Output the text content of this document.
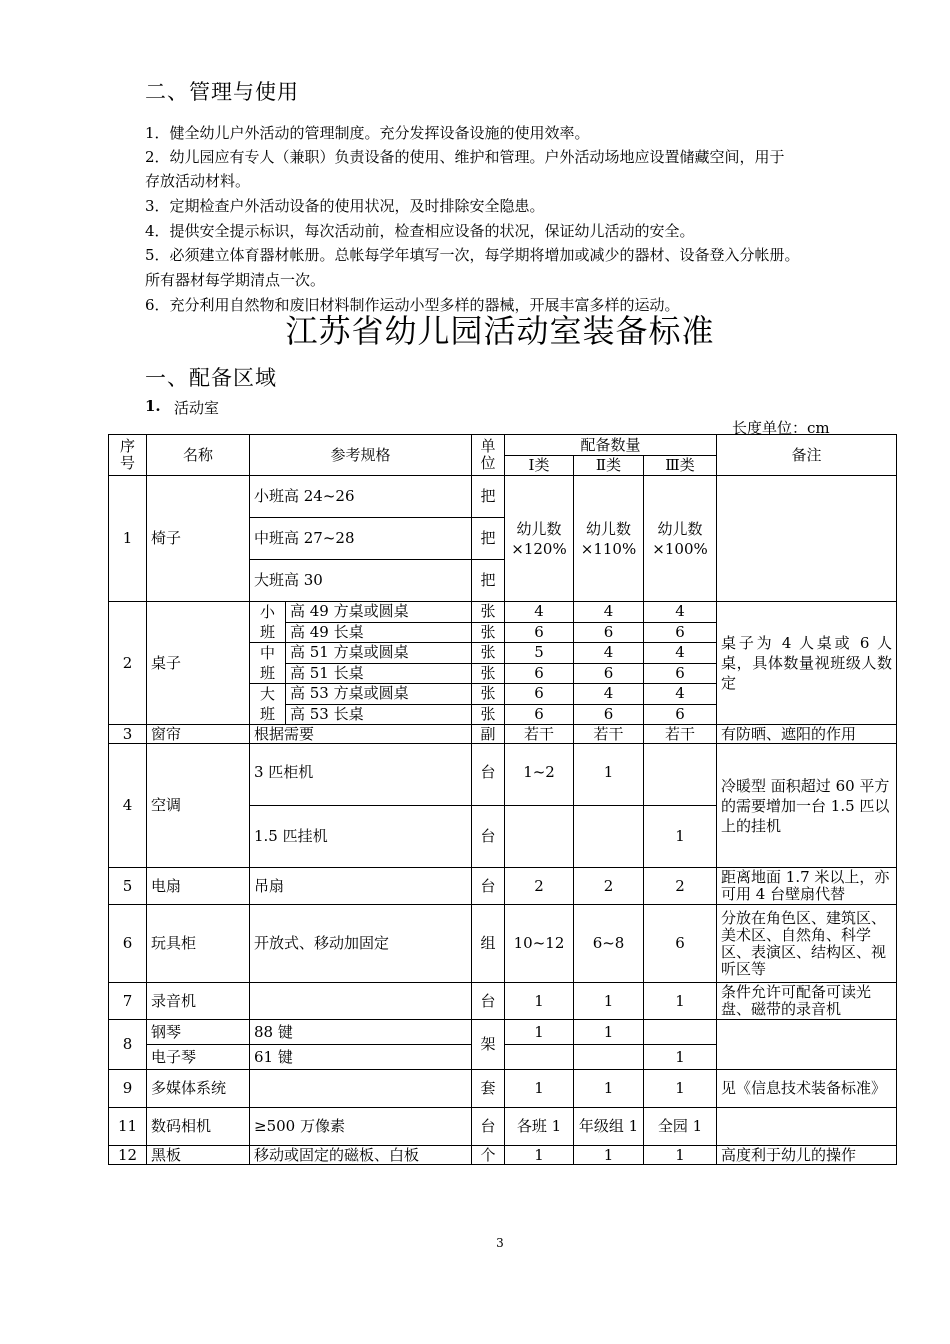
二、管理与使用
1．健全幼儿户外活动的管理制度。充分发挥设备设施的使用效率。
2．幼儿园应有专人（兼职）负责设备的使用、维护和管理。户外活动场地应设置储藏空间，用于
存放活动材料。
3．定期检查户外活动设备的使用状况，及时排除安全隐患。
4．提供安全提示标识，每次活动前，检查相应设备的状况，保证幼儿活动的安全。
5．必须建立体育器材帐册。总帐每学年填写一次，每学期将增加或减少的器材、设备登入分帐册。
所有器材每学期清点一次。
6．充分利用自然物和废旧材料制作运动小型多样的器械，开展丰富多样的运动。
江苏省幼儿园活动室装备标准
一、配备区域
1. 活动室
长度单位：cm
序号	名称	参考规格		单位	配备数量			备注
					Ⅰ类	Ⅱ类	Ⅲ类	
1	椅子	小班高 24~26		把	幼儿数×120%	幼儿数×110%	幼儿数×100%	
		中班高 27~28		把				
		大班高 30		把				
2	桌子	小班	高 49 方桌或圆桌	张	4	4	4	桌子为 4 人桌或 6 人桌，具体数量视班级人数定
			高 49 长桌	张	6	6	6	
		中班	高 51 方桌或圆桌	张	5	4	4	
			高 51 长桌	张	6	6	6	
		大班	高 53 方桌或圆桌	张	6	4	4	
			高 53 长桌	张	6	6	6	
3	窗帘	根据需要		副	若干	若干	若干	有防晒、遮阳的作用
4	空调	3 匹柜机		台	1~2	1		冷暖型 面积超过 60 平方的需要增加一台 1.5 匹以上的挂机
		1.5 匹挂机		台			1	
5	电扇	吊扇		台	2	2	2	距离地面 1.7 米以上，亦可用 4 台壁扇代替
6	玩具柜	开放式、移动加固定		组	10~12	6~8	6	分放在角色区、建筑区、美术区、自然角、科学区、表演区、结构区、视听区等
7	录音机			台	1	1	1	条件允许可配备可读光盘、磁带的录音机
8	钢琴	88 键		架	1	1		
	电子琴	61 键					1	
9	多媒体系统			套	1	1	1	见《信息技术装备标准》
11	数码相机	≥500 万像素		台	各班 1	年级组 1	全园 1	
12	黑板	移动或固定的磁板、白板		个	1	1	1	高度利于幼儿的操作
3
